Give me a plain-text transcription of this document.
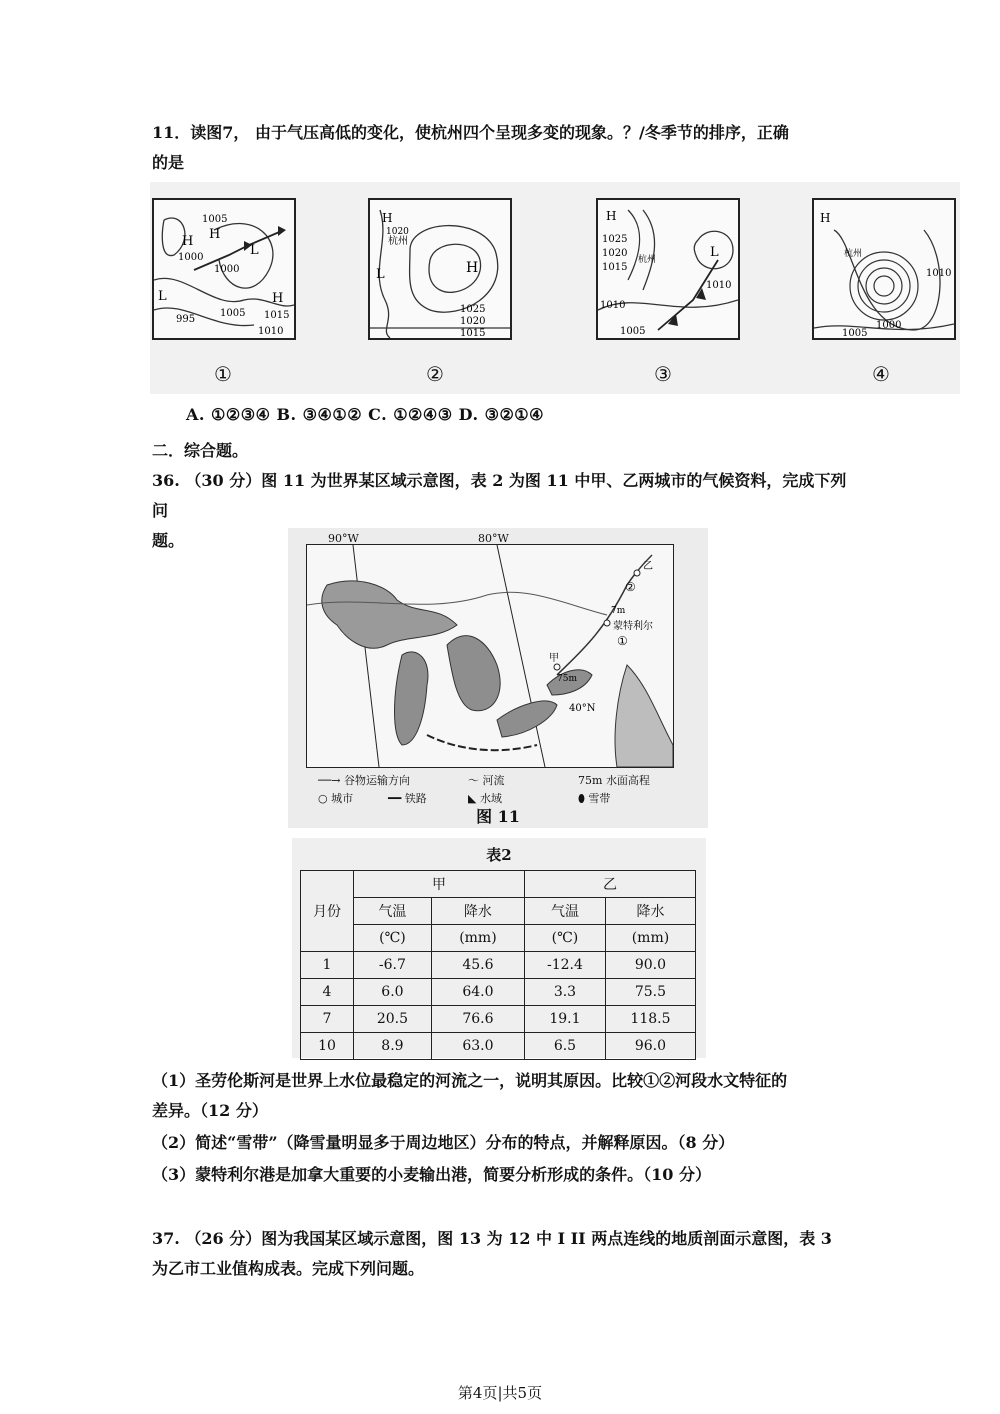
11．读图7， 由于气压高低的变化，使杭州四个呈现多变的现象。？/冬季节的排序，正确
的是
1005
1000
1005 1015
1010
995
1000
H H
H
L
L
①
H
杭州
1020
1025
1020
1015
H
L
②
H
1025
1020
1015
杭州
1010
1010
1005
L
③
H
杭州
1010
1005
1000
④
A. ①②③④ B. ③④①② C. ①②④③ D. ③②①④
二．综合题。
36. （30 分）图 11 为世界某区域示意图，表 2 为图 11 中甲、乙两城市的气候资料，完成下列问
题。
40°N
蒙特利尔
甲
乙
7m
75m
①
②
90°W	80°W
──→ 谷物运输方向	〜 河流	75m 水面高程
○ 城市	━━ 铁路	◣ 水域	⬮ 雪带
图 11
表2
月份	甲		乙	
	气温	降水	气温	降水
	(℃)	(mm)	(℃)	(mm)
1	-6.7	45.6	-12.4	90.0
4	6.0	64.0	3.3	75.5
7	20.5	76.6	19.1	118.5
10	8.9	63.0	6.5	96.0
（1）圣劳伦斯河是世界上水位最稳定的河流之一，说明其原因。比较①②河段水文特征的
差异。（12 分）
（2）简述“雪带”（降雪量明显多于周边地区）分布的特点，并解释原因。（8 分）
（3）蒙特利尔港是加拿大重要的小麦输出港，简要分析形成的条件。（10 分）
37. （26 分）图为我国某区域示意图，图 13 为 12 中 I II 两点连线的地质剖面示意图，表 3
为乙市工业值构成表。完成下列问题。
第4页|共5页
